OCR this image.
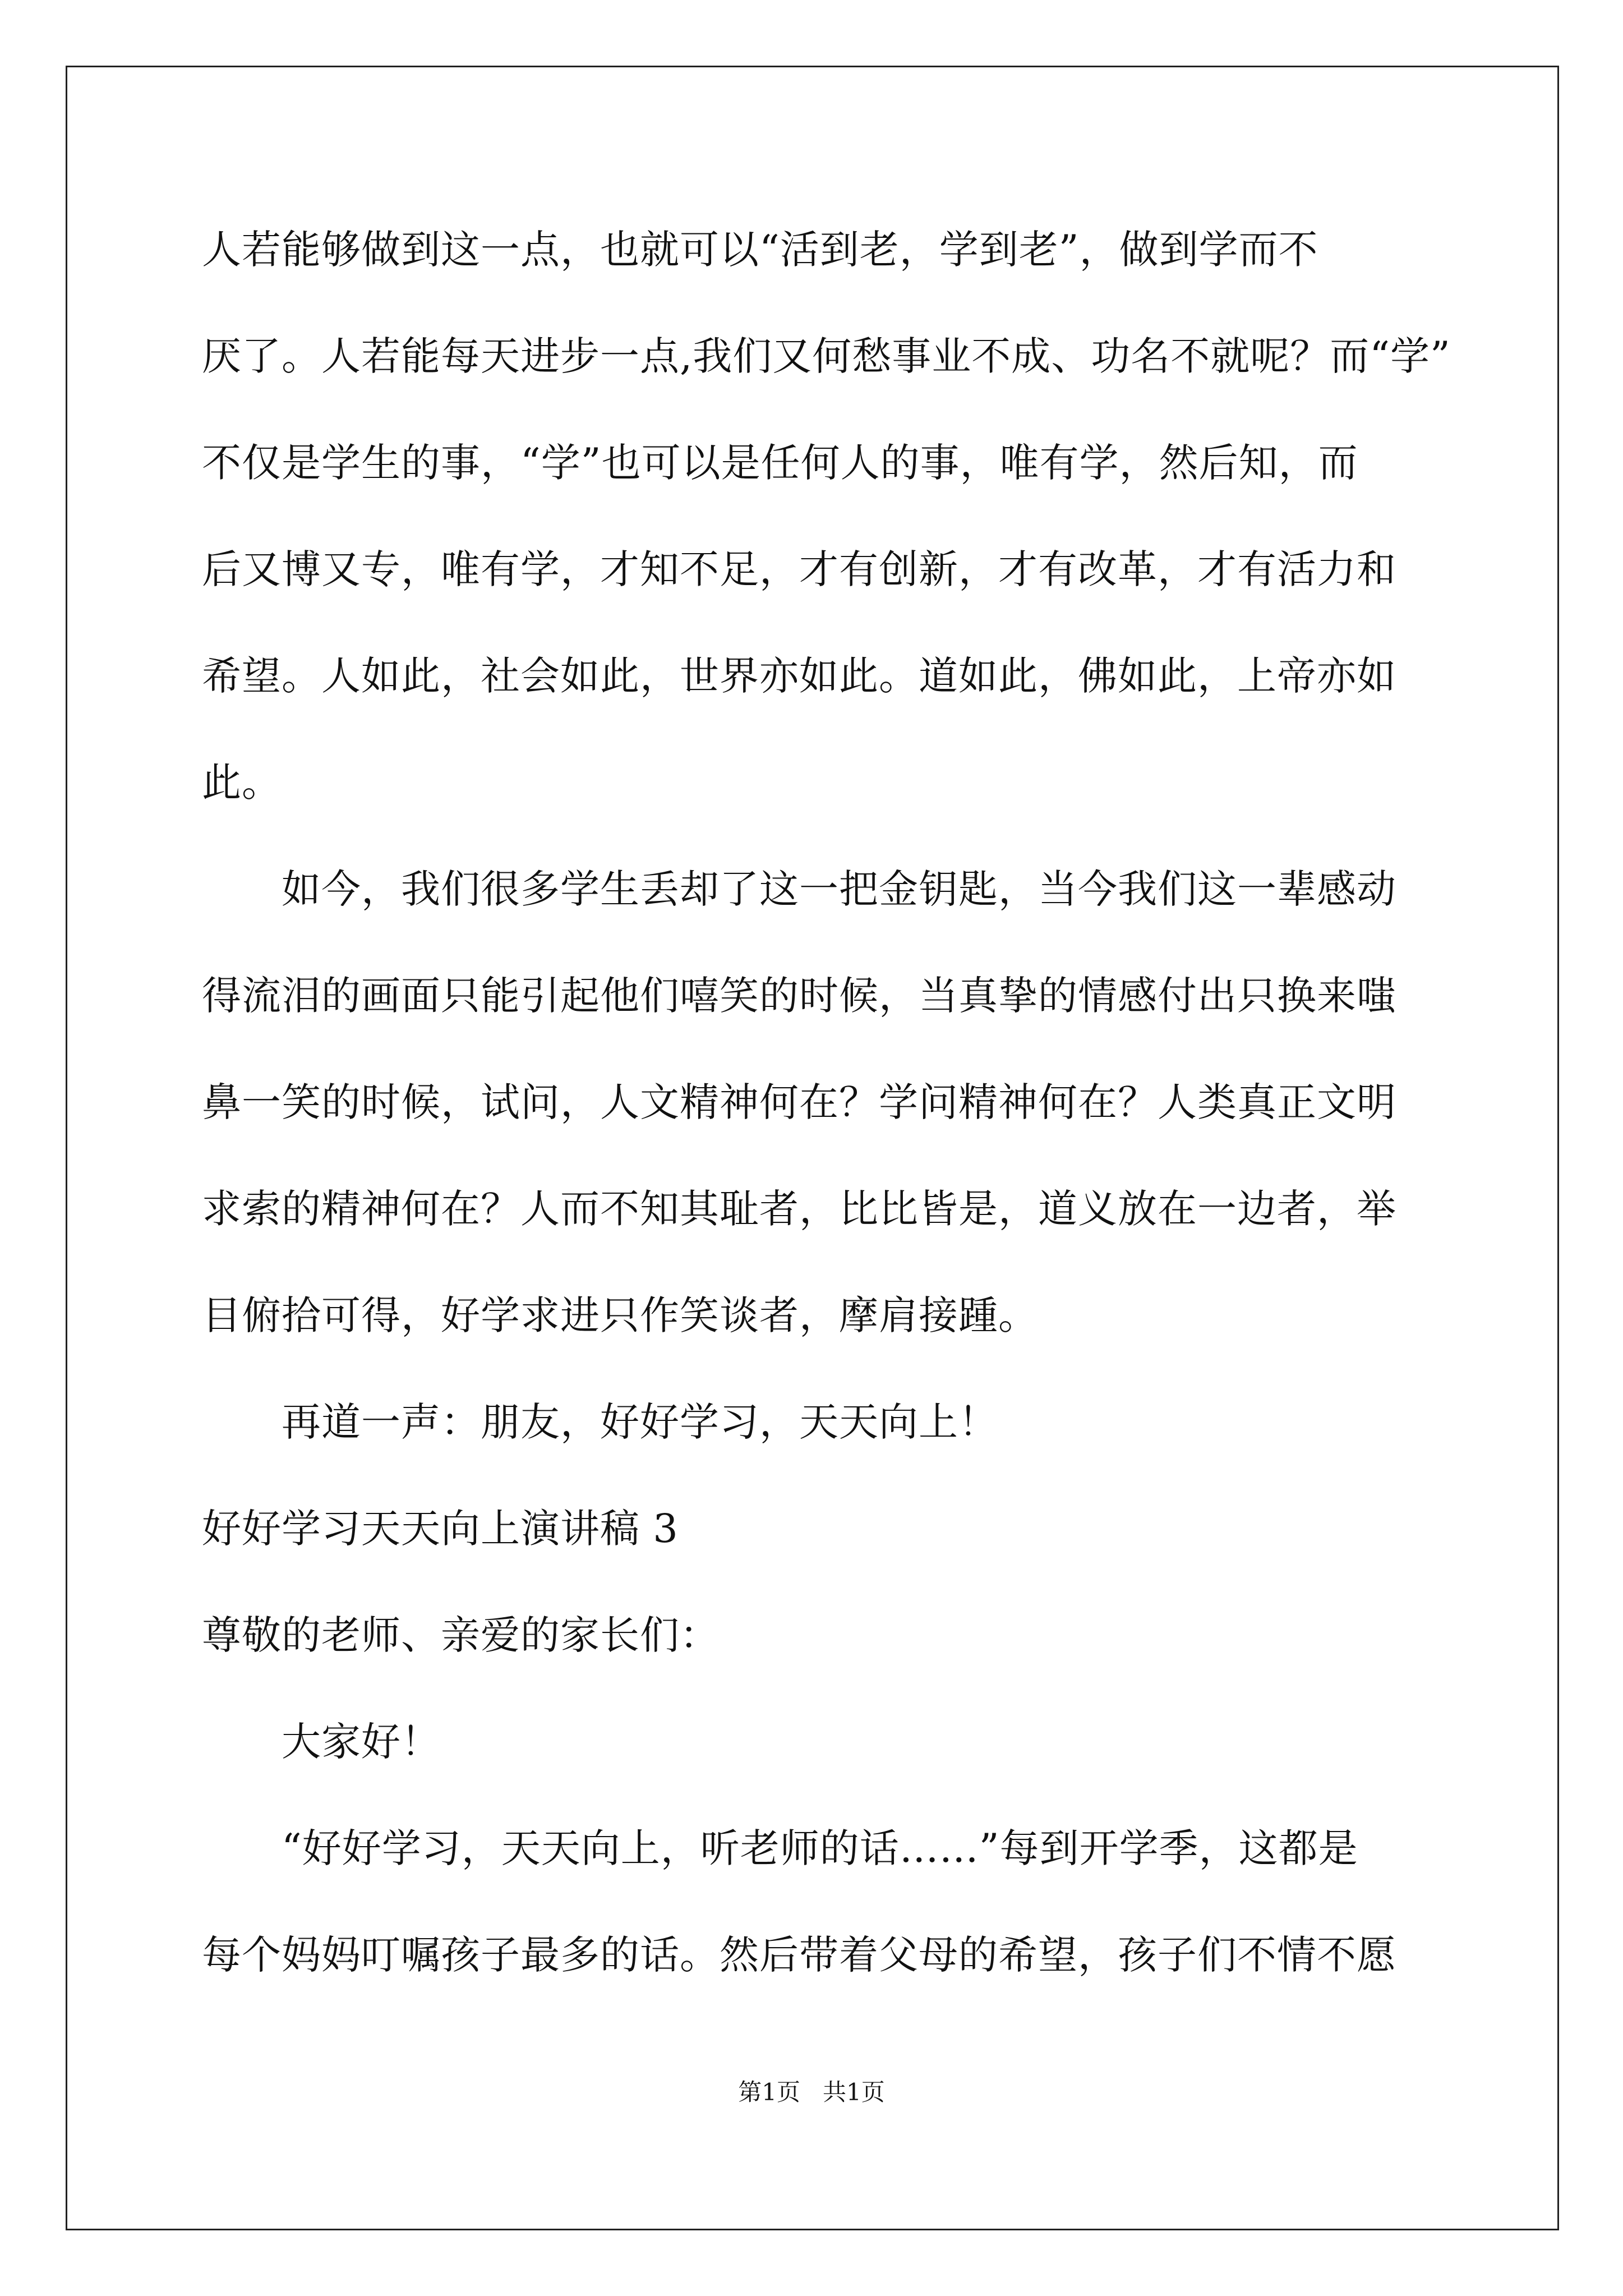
人若能够做到这一点，也就可以“活到老，学到老”，做到学而不

厌了。人若能每天进步一点,我们又何愁事业不成、功名不就呢？而“学”

不仅是学生的事，“学”也可以是任何人的事，唯有学，然后知，而

后又博又专，唯有学，才知不足，才有创新，才有改革，才有活力和

希望。人如此，社会如此，世界亦如此。道如此，佛如此，上帝亦如

此。

如今，我们很多学生丢却了这一把金钥匙，当今我们这一辈感动

得流泪的画面只能引起他们嘻笑的时候，当真挚的情感付出只换来嗤

鼻一笑的时候，试问，人文精神何在？学问精神何在？人类真正文明

求索的精神何在？人而不知其耻者，比比皆是，道义放在一边者，举

目俯拾可得，好学求进只作笑谈者，摩肩接踵。

再道一声：朋友，好好学习，天天向上！

好好学习天天向上演讲稿 3

尊敬的老师、亲爱的家长们：

大家好！

“好好学习，天天向上，听老师的话……”每到开学季，这都是

每个妈妈叮嘱孩子最多的话。然后带着父母的希望，孩子们不情不愿

第1页   共1页
